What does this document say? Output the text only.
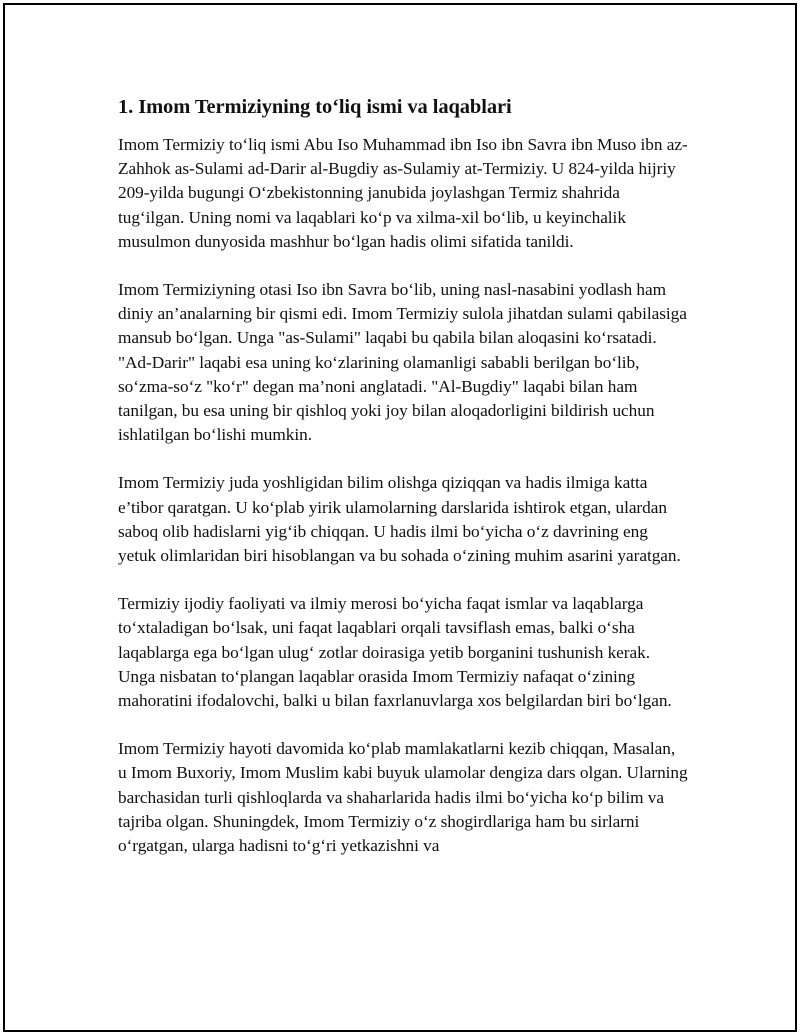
1. Imom Termiziyning to‘liq ismi va laqablari

Imom Termiziy to‘liq ismi Abu Iso Muhammad ibn Iso ibn Savra ibn Muso ibn az-Zahhok as-Sulami ad-Darir al-Bugdiy as-Sulamiy at-Termiziy. U 824-yilda hijriy 209-yilda bugungi O‘zbekistonning janubida joylashgan Termiz shahrida tug‘ilgan. Uning nomi va laqablari ko‘p va xilma-xil bo‘lib, u keyinchalik musulmon dunyosida mashhur bo‘lgan hadis olimi sifatida tanildi.

Imom Termiziyning otasi Iso ibn Savra bo‘lib, uning nasl-nasabini yodlash ham diniy an’analarning bir qismi edi. Imom Termiziy sulola jihatdan sulami qabilasiga mansub bo‘lgan. Unga "as-Sulami" laqabi bu qabila bilan aloqasini ko‘rsatadi. "Ad-Darir" laqabi esa uning ko‘zlarining olamanligi sababli berilgan bo‘lib, so‘zma-so‘z "ko‘r" degan ma’noni anglatadi. "Al-Bugdiy" laqabi bilan ham tanilgan, bu esa uning bir qishloq yoki joy bilan aloqadorligini bildirish uchun ishlatilgan bo‘lishi mumkin.

Imom Termiziy juda yoshligidan bilim olishga qiziqqan va hadis ilmiga katta e’tibor qaratgan. U ko‘plab yirik ulamolarning darslarida ishtirok etgan, ulardan saboq olib hadislarni yig‘ib chiqqan. U hadis ilmi bo‘yicha o‘z davrining eng yetuk olimlaridan biri hisoblangan va bu sohada o‘zining muhim asarini yaratgan.

Termiziy ijodiy faoliyati va ilmiy merosi bo‘yicha faqat ismlar va laqablarga to‘xtaladigan bo‘lsak, uni faqat laqablari orqali tavsiflash emas, balki o‘sha laqablarga ega bo‘lgan ulug‘ zotlar doirasiga yetib borganini tushunish kerak. Unga nisbatan to‘plangan laqablar orasida Imom Termiziy nafaqat o‘zining mahoratini ifodalovchi, balki u bilan faxrlanuvlarga xos belgilardan biri bo‘lgan.

Imom Termiziy hayoti davomida ko‘plab mamlakatlarni kezib chiqqan, Masalan, u Imom Buxoriy, Imom Muslim kabi buyuk ulamolar dengiza dars olgan. Ularning barchasidan turli qishloqlarda va shaharlarida hadis ilmi bo‘yicha ko‘p bilim va tajriba olgan. Shuningdek, Imom Termiziy o‘z shogirdlariga ham bu sirlarni o‘rgatgan, ularga hadisni to‘g‘ri yetkazishni va
